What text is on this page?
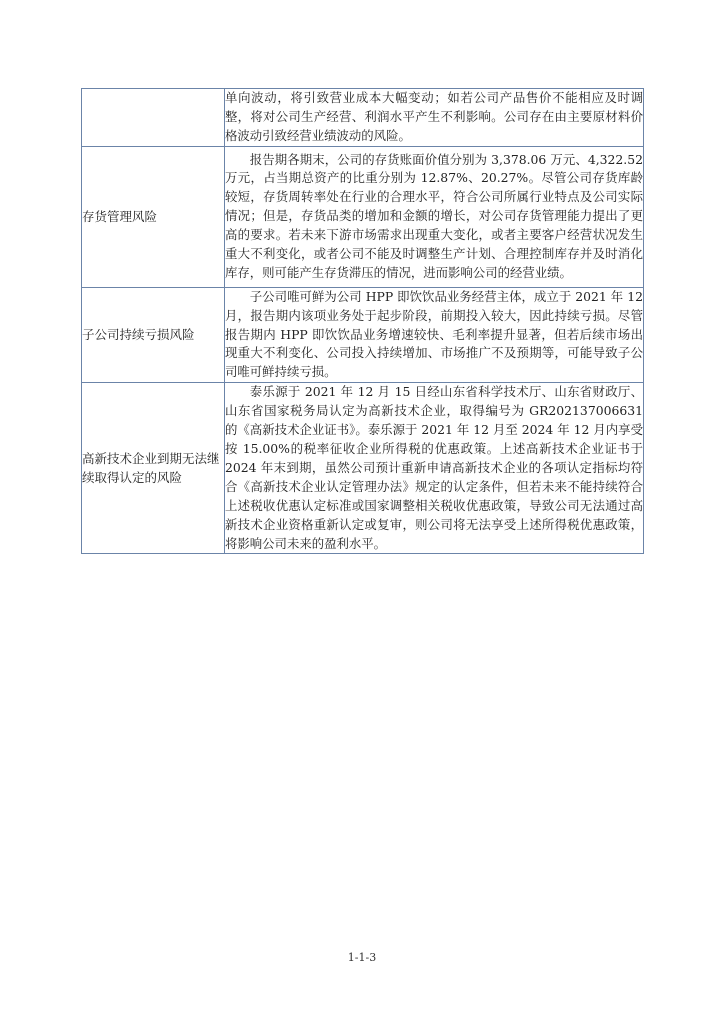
	单向波动，将引致营业成本大幅变动；如若公司产品售价不能相应及时调整，将对公司生产经营、利润水平产生不利影响。公司存在由主要原材料价格波动引致经营业绩波动的风险。

存货管理风险	报告期各期末，公司的存货账面价值分别为 3,378.06 万元、4,322.52 万元，占当期总资产的比重分别为 12.87%、20.27%。尽管公司存货库龄较短，存货周转率处在行业的合理水平，符合公司所属行业特点及公司实际情况；但是，存货品类的增加和金额的增长，对公司存货管理能力提出了更高的要求。若未来下游市场需求出现重大变化，或者主要客户经营状况发生重大不利变化，或者公司不能及时调整生产计划、合理控制库存并及时消化库存，则可能产生存货滞压的情况，进而影响公司的经营业绩。

子公司持续亏损风险	子公司唯可鲜为公司 HPP 即饮饮品业务经营主体，成立于 2021 年 12 月，报告期内该项业务处于起步阶段，前期投入较大，因此持续亏损。尽管报告期内 HPP 即饮饮品业务增速较快、毛利率提升显著，但若后续市场出现重大不利变化、公司投入持续增加、市场推广不及预期等，可能导致子公司唯可鲜持续亏损。

高新技术企业到期无法继续取得认定的风险	泰乐源于 2021 年 12 月 15 日经山东省科学技术厅、山东省财政厅、山东省国家税务局认定为高新技术企业，取得编号为 GR202137006631 的《高新技术企业证书》。泰乐源于 2021 年 12 月至 2024 年 12 月内享受按 15.00%的税率征收企业所得税的优惠政策。上述高新技术企业证书于 2024 年末到期，虽然公司预计重新申请高新技术企业的各项认定指标均符合《高新技术企业认定管理办法》规定的认定条件，但若未来不能持续符合上述税收优惠认定标准或国家调整相关税收优惠政策，导致公司无法通过高新技术企业资格重新认定或复审，则公司将无法享受上述所得税优惠政策，将影响公司未来的盈利水平。

1-1-3
